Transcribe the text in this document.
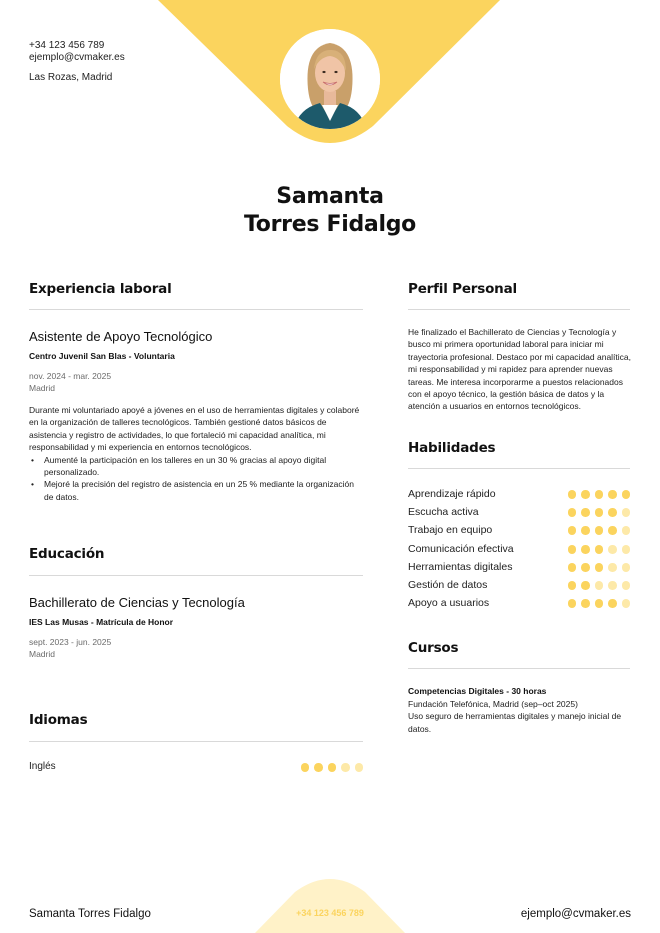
+34 123 456 789
ejemplo@cvmaker.es
Las Rozas, Madrid
Samanta
Torres Fidalgo
Experiencia laboral
Asistente de Apoyo Tecnológico
Centro Juvenil San Blas - Voluntaria
nov. 2024 - mar. 2025
Madrid
Durante mi voluntariado apoyé a jóvenes en el uso de herramientas digitales y colaboré en la organización de talleres tecnológicos. También gestioné datos básicos de asistencia y registro de actividades, lo que fortaleció mi capacidad analítica, mi responsabilidad y mi experiencia en entornos tecnológicos.
• Aumenté la participación en los talleres en un 30 % gracias al apoyo digital personalizado.
• Mejoré la precisión del registro de asistencia en un 25 % mediante la organización de datos.
Educación
Bachillerato de Ciencias y Tecnología
IES Las Musas - Matrícula de Honor
sept. 2023 - jun. 2025
Madrid
Idiomas
Inglés
Perfil Personal
He finalizado el Bachillerato de Ciencias y Tecnología y busco mi primera oportunidad laboral para iniciar mi trayectoria profesional. Destaco por mi capacidad analítica, mi responsabilidad y mi rapidez para aprender nuevas tareas. Me interesa incorporarme a puestos relacionados con el apoyo técnico, la gestión básica de datos y la atención a usuarios en entornos tecnológicos.
Habilidades
Aprendizaje rápido
Escucha activa
Trabajo en equipo
Comunicación efectiva
Herramientas digitales
Gestión de datos
Apoyo a usuarios
Cursos
Competencias Digitales - 30 horas
Fundación Telefónica, Madrid (sep–oct 2025)
Uso seguro de herramientas digitales y manejo inicial de datos.
Samanta Torres Fidalgo	+34 123 456 789	ejemplo@cvmaker.es
